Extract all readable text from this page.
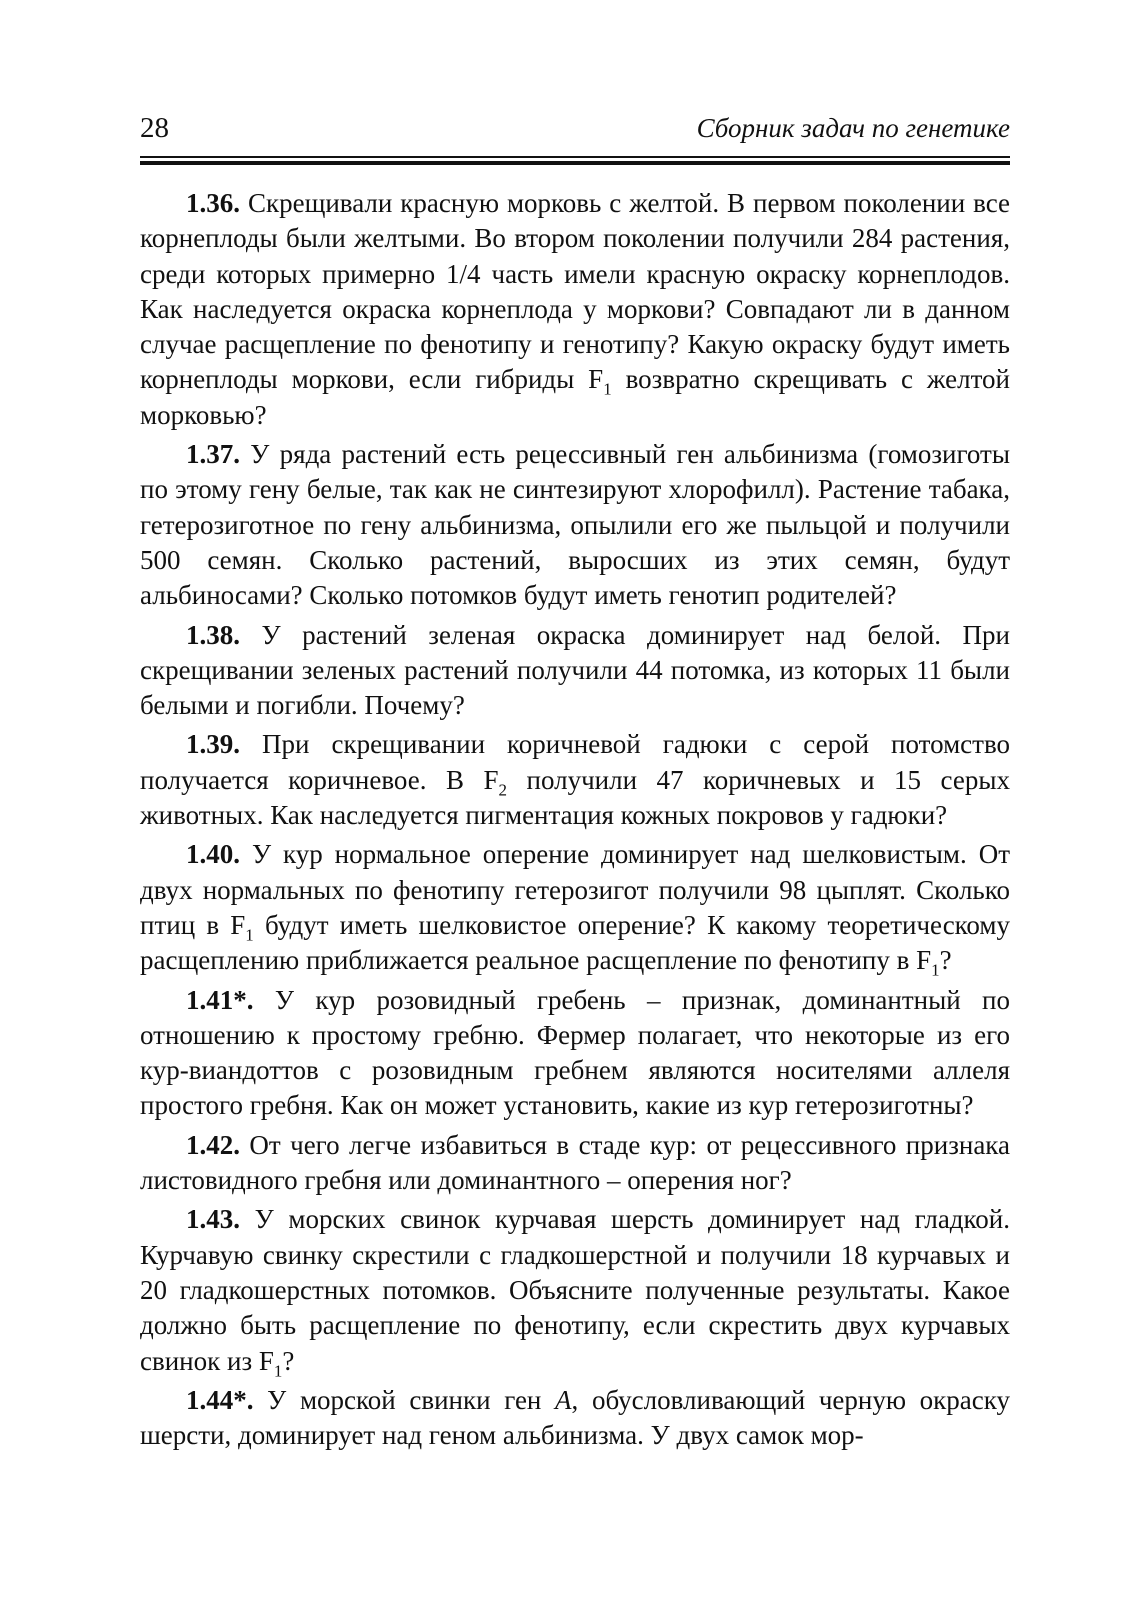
28	Сборник задач по генетике

1.36. Скрещивали красную морковь с желтой. В первом поколении все корнеплоды были желтыми. Во втором поколении получили 284 растения, среди которых примерно 1/4 часть имели красную окраску корнеплодов. Как наследуется окраска корнеплода у моркови? Совпадают ли в данном случае расщепление по фенотипу и генотипу? Какую окраску будут иметь корнеплоды моркови, если гибриды $F_1$ возвратно скрещивать с желтой морковью?

1.37. У ряда растений есть рецессивный ген альбинизма (гомозиготы по этому гену белые, так как не синтезируют хлорофилл). Растение табака, гетерозиготное по гену альбинизма, опылили его же пыльцой и получили 500 семян. Сколько растений, выросших из этих семян, будут альбиносами? Сколько потомков будут иметь генотип родителей?

1.38. У растений зеленая окраска доминирует над белой. При скрещивании зеленых растений получили 44 потомка, из которых 11 были белыми и погибли. Почему?

1.39. При скрещивании коричневой гадюки с серой потомство получается коричневое. В $F_2$ получили 47 коричневых и 15 серых животных. Как наследуется пигментация кожных покровов у гадюки?

1.40. У кур нормальное оперение доминирует над шелковистым. От двух нормальных по фенотипу гетерозигот получили 98 цыплят. Сколько птиц в $F_1$ будут иметь шелковистое оперение? К какому теоретическому расщеплению приближается реальное расщепление по фенотипу в $F_1$?

1.41*. У кур розовидный гребень – признак, доминантный по отношению к простому гребню. Фермер полагает, что некоторые из его кур-виандоттов с розовидным гребнем являются носителями аллеля простого гребня. Как он может установить, какие из кур гетерозиготны?

1.42. От чего легче избавиться в стаде кур: от рецессивного признака листовидного гребня или доминантного – оперения ног?

1.43. У морских свинок курчавая шерсть доминирует над гладкой. Курчавую свинку скрестили с гладкошерстной и получили 18 курчавых и 20 гладкошерстных потомков. Объясните полученные результаты. Какое должно быть расщепление по фенотипу, если скрестить двух курчавых свинок из $F_1$?

1.44*. У морской свинки ген A, обусловливающий черную окраску шерсти, доминирует над геном альбинизма. У двух самок мор-
